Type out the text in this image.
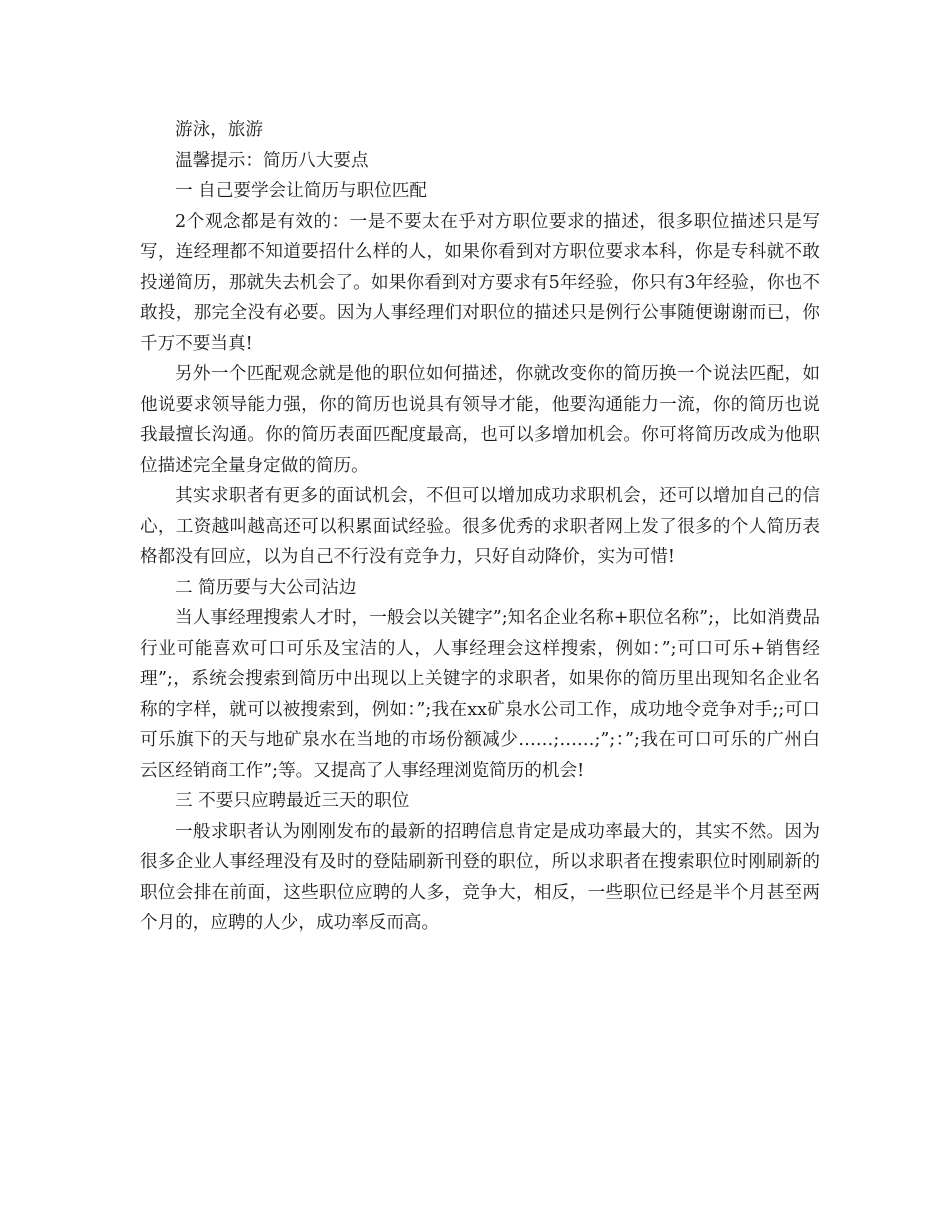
游泳，旅游

温馨提示：简历八大要点

一 自己要学会让简历与职位匹配

2个观念都是有效的：一是不要太在乎对方职位要求的描述，很多职位描述只是写写，连经理都不知道要招什么样的人，如果你看到对方职位要求本科，你是专科就不敢投递简历，那就失去机会了。如果你看到对方要求有5年经验，你只有3年经验，你也不敢投，那完全没有必要。因为人事经理们对职位的描述只是例行公事随便谢谢而已，你千万不要当真!

另外一个匹配观念就是他的职位如何描述，你就改变你的简历换一个说法匹配，如他说要求领导能力强，你的简历也说具有领导才能，他要沟通能力一流，你的简历也说我最擅长沟通。你的简历表面匹配度最高，也可以多增加机会。你可将简历改成为他职位描述完全量身定做的简历。

其实求职者有更多的面试机会，不但可以增加成功求职机会，还可以增加自己的信心，工资越叫越高还可以积累面试经验。很多优秀的求职者网上发了很多的个人简历表格都没有回应，以为自己不行没有竞争力，只好自动降价，实为可惜!

二 简历要与大公司沾边

当人事经理搜索人才时，一般会以关键字”;知名企业名称+职位名称”;，比如消费品行业可能喜欢可口可乐及宝洁的人，人事经理会这样搜索，例如：”;可口可乐+销售经理”;，系统会搜索到简历中出现以上关键字的求职者，如果你的简历里出现知名企业名称的字样，就可以被搜索到，例如：”;我在xx矿泉水公司工作，成功地令竞争对手;;可口可乐旗下的天与地矿泉水在当地的市场份额减少……;……;”;：”;我在可口可乐的广州白云区经销商工作”;等。又提高了人事经理浏览简历的机会!

三 不要只应聘最近三天的职位

一般求职者认为刚刚发布的最新的招聘信息肯定是成功率最大的，其实不然。因为很多企业人事经理没有及时的登陆刷新刊登的职位，所以求职者在搜索职位时刚刷新的职位会排在前面，这些职位应聘的人多，竞争大，相反，一些职位已经是半个月甚至两个月的，应聘的人少，成功率反而高。
